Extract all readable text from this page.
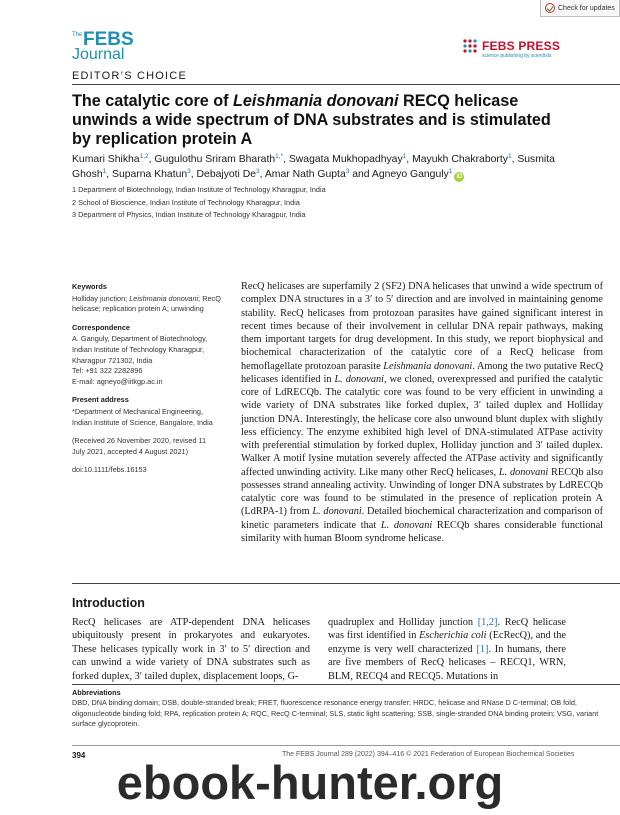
Check for updates
The FEBS
Journal
EDITOR’S CHOICE
FEBS PRESS
science publishing by scientists
The catalytic core of Leishmania donovani RECQ helicase unwinds a wide spectrum of DNA substrates and is stimulated by replication protein A
Kumari Shikha$^{1,2}$, Gugulothu Sriram Bharath$^{1,*}$, Swagata Mukhopadhyay$^1$, Mayukh Chakraborty$^1$, Susmita Ghosh$^1$, Suparna Khatun$^3$, Debajyoti De$^3$, Amar Nath Gupta$^3$ and Agneyo Ganguly$^1$iD
1 Department of Biotechnology, Indian Institute of Technology Kharagpur, India
2 School of Bioscience, Indian Institute of Technology Kharagpur, India
3 Department of Physics, Indian Institute of Technology Kharagpur, India
Keywords
Holliday junction; Leishmania donovani; RecQ helicase; replication protein A; unwinding
Correspondence
A. Ganguly, Department of Biotechnology,
Indian Institute of Technology Kharagpur,
Kharagpur 721302, India
Tel: +91 322 2282896
E-mail: agneyo@iitkgp.ac.in
Present address
*Department of Mechanical Engineering,
Indian Institute of Science, Bangalore, India
(Received 26 November 2020, revised 11
July 2021, accepted 4 August 2021)
doi:10.1111/febs.16153

RecQ helicases are superfamily 2 (SF2) DNA helicases that unwind a wide spectrum of complex DNA structures in a 3′ to 5′ direction and are involved in maintaining genome stability. RecQ helicases from protozoan parasites have gained significant interest in recent times because of their involvement in cellular DNA repair pathways, making them important targets for drug development. In this study, we report biophysical and biochemical characterization of the catalytic core of a RecQ helicase from hemoflagellate protozoan parasite Leishmania donovani. Among the two putative RecQ helicases identified in L. donovani, we cloned, overexpressed and purified the catalytic core of LdRECQb. The catalytic core was found to be very efficient in unwinding a wide variety of DNA substrates like forked duplex, 3′ tailed duplex and Holliday junction DNA. Interestingly, the helicase core also unwound blunt duplex with slightly less efficiency. The enzyme exhibited high level of DNA-stimulated ATPase activity with preferential stimulation by forked duplex, Holliday junction and 3′ tailed duplex. Walker A motif lysine mutation severely affected the ATPase activity and significantly affected unwinding activity. Like many other RecQ helicases, L. donovani RECQb also possesses strand annealing activity. Unwinding of longer DNA substrates by LdRECQb catalytic core was found to be stimulated in the presence of replication protein A (LdRPA-1) from L. donovani. Detailed biochemical characterization and comparison of kinetic parameters indicate that L. donovani RECQb shares considerable functional similarity with human Bloom syndrome helicase.

Introduction

RecQ helicases are ATP-dependent DNA helicases ubiquitously present in prokaryotes and eukaryotes. These helicases typically work in 3′ to 5′ direction and can unwind a wide variety of DNA substrates such as forked duplex, 3′ tailed duplex, displacement loops, G-

quadruplex and Holliday junction [1,2]. RecQ helicase was first identified in Escherichia coli (EcRecQ), and the enzyme is very well characterized [1]. In humans, there are five members of RecQ helicases – RECQ1, WRN, BLM, RECQ4 and RECQ5. Mutations in

Abbreviations
DBD, DNA binding domain; DSB, double-stranded break; FRET, fluorescence resonance energy transfer; HRDC, helicase and RNase D C-terminal; OB fold, oligonucleotide binding fold; RPA, replication protein A; RQC, RecQ C-terminal; SLS, static light scattering; SSB, single-stranded DNA binding protein; VSG, variant surface glycoprotein.
394	The FEBS Journal 289 (2022) 394–416 © 2021 Federation of European Biochemical Societies
ebook-hunter.org
